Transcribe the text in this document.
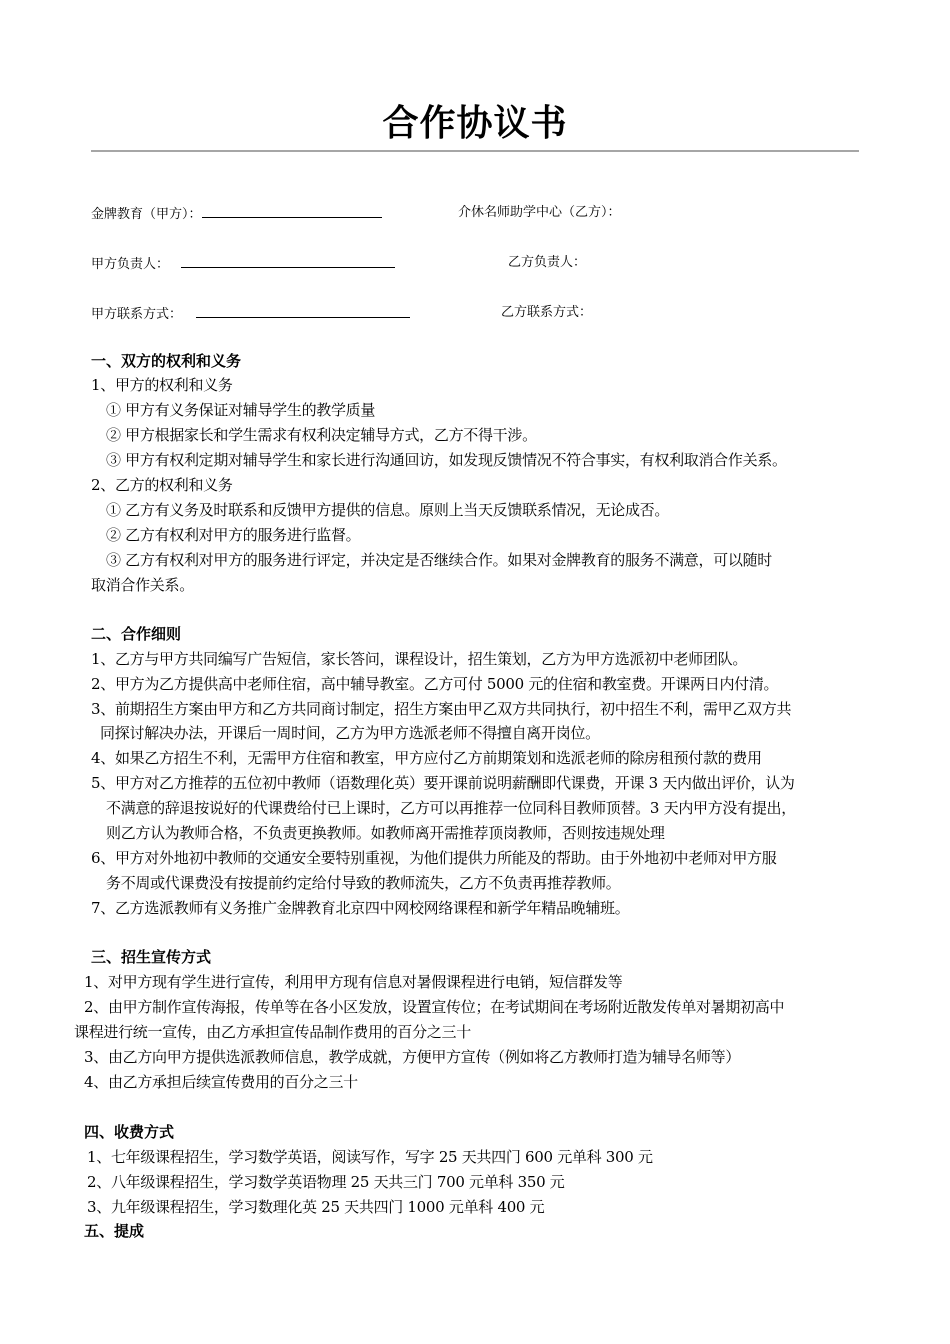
合作协议书
金牌教育（甲方）：	介休名师助学中心（乙方）：
甲方负责人：	乙方负责人：
甲方联系方式：	乙方联系方式：
一、双方的权利和义务
1、甲方的权利和义务
① 甲方有义务保证对辅导学生的教学质量
② 甲方根据家长和学生需求有权利决定辅导方式，乙方不得干涉。
③ 甲方有权利定期对辅导学生和家长进行沟通回访，如发现反馈情况不符合事实，有权利取消合作关系。
2、乙方的权利和义务
① 乙方有义务及时联系和反馈甲方提供的信息。原则上当天反馈联系情况，无论成否。
② 乙方有权利对甲方的服务进行监督。
③ 乙方有权利对甲方的服务进行评定，并决定是否继续合作。如果对金牌教育的服务不满意，可以随时
取消合作关系。
二、合作细则
1、乙方与甲方共同编写广告短信，家长答问，课程设计，招生策划，乙方为甲方选派初中老师团队。
2、甲方为乙方提供高中老师住宿，高中辅导教室。乙方可付 5000 元的住宿和教室费。开课两日内付清。
3、前期招生方案由甲方和乙方共同商讨制定，招生方案由甲乙双方共同执行，初中招生不利，需甲乙双方共
同探讨解决办法，开课后一周时间，乙方为甲方选派老师不得擅自离开岗位。
4、如果乙方招生不利，无需甲方住宿和教室，甲方应付乙方前期策划和选派老师的除房租预付款的费用
5、甲方对乙方推荐的五位初中教师（语数理化英）要开课前说明薪酬即代课费，开课 3 天内做出评价，认为
不满意的辞退按说好的代课费给付已上课时，乙方可以再推荐一位同科目教师顶替。3 天内甲方没有提出，
则乙方认为教师合格，不负责更换教师。如教师离开需推荐顶岗教师，否则按违规处理
6、甲方对外地初中教师的交通安全要特别重视，为他们提供力所能及的帮助。由于外地初中老师对甲方服
务不周或代课费没有按提前约定给付导致的教师流失，乙方不负责再推荐教师。
7、乙方选派教师有义务推广金牌教育北京四中网校网络课程和新学年精品晚辅班。
三、招生宣传方式
1、对甲方现有学生进行宣传，利用甲方现有信息对暑假课程进行电销，短信群发等
2、由甲方制作宣传海报，传单等在各小区发放，设置宣传位；在考试期间在考场附近散发传单对暑期初高中
课程进行统一宣传，由乙方承担宣传品制作费用的百分之三十
3、由乙方向甲方提供选派教师信息，教学成就，方便甲方宣传（例如将乙方教师打造为辅导名师等）
4、由乙方承担后续宣传费用的百分之三十
四、收费方式
1、七年级课程招生，学习数学英语，阅读写作，写字 25 天共四门 600 元单科 300 元
2、八年级课程招生，学习数学英语物理 25 天共三门 700 元单科 350 元
3、九年级课程招生，学习数理化英 25 天共四门 1000 元单科 400 元
五、提成
